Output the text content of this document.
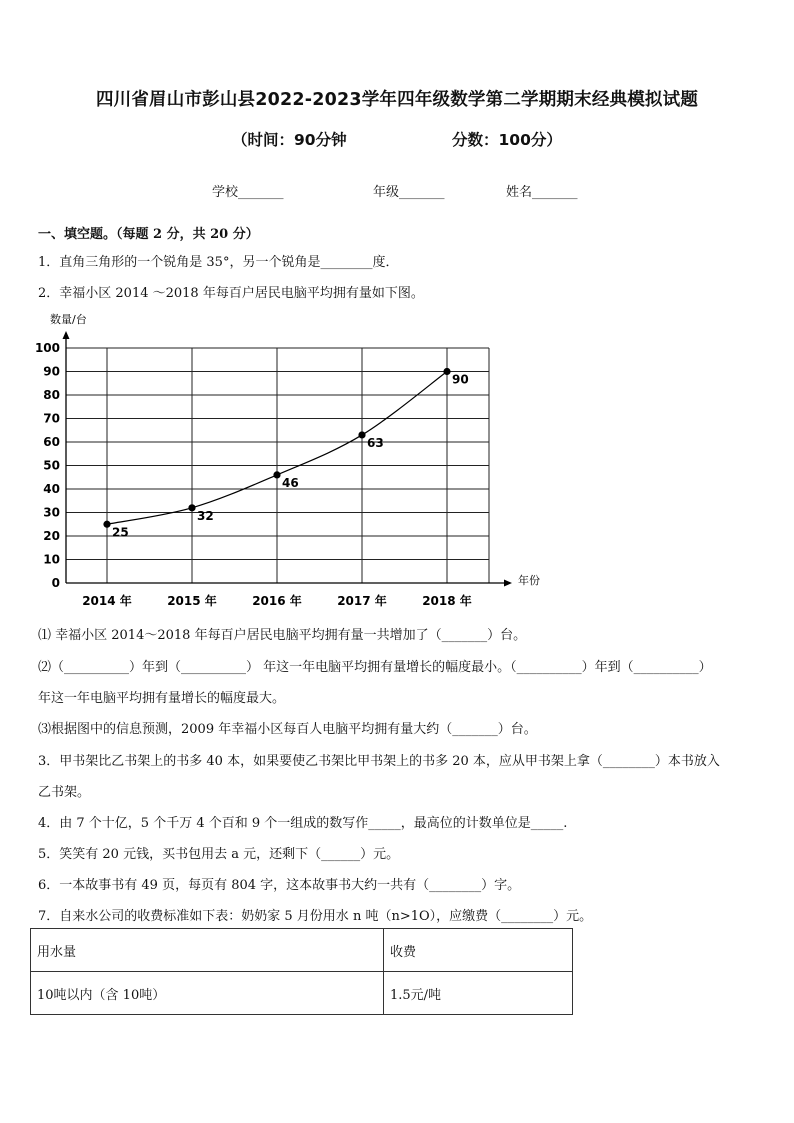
四川省眉山市彭山县2022-2023学年四年级数学第二学期期末经典模拟试题
（时间：90分钟	分数：100分）
学校_______	年级_______	姓名_______
一、填空题。（每题 2 分，共 20 分）
1．直角三角形的一个锐角是 35°，另一个锐角是________度．
2．幸福小区 2014 ～2018 年每百户居民电脑平均拥有量如下图。
0
10
20
30
40
50
60
70
80
90
100
2014 年	2015 年	2016 年	2017 年	2018 年
25
32
46
63
90
数量/台
年份
⑴ 幸福小区 2014～2018 年每百户居民电脑平均拥有量一共增加了（_______）台。
⑵（__________）年到（__________） 年这一年电脑平均拥有量增长的幅度最小。（__________）年到（__________）
年这一年电脑平均拥有量增长的幅度最大。
⑶根据图中的信息预测，2009 年幸福小区每百人电脑平均拥有量大约（_______）台。
3．甲书架比乙书架上的书多 40 本，如果要使乙书架比甲书架上的书多 20 本，应从甲书架上拿（________）本书放入
乙书架。
4．由 7 个十亿，5 个千万 4 个百和 9 个一组成的数写作_____，最高位的计数单位是_____.
5．笑笑有 20 元钱，买书包用去 a 元，还剩下（______）元。
6．一本故事书有 49 页，每页有 804 字，这本故事书大约一共有（________）字。
7．自来水公司的收费标准如下表：奶奶家 5 月份用水 n 吨（n>1O），应缴费（________）元。
用水量	收费
10吨以内（含 10吨）	1.5元/吨
